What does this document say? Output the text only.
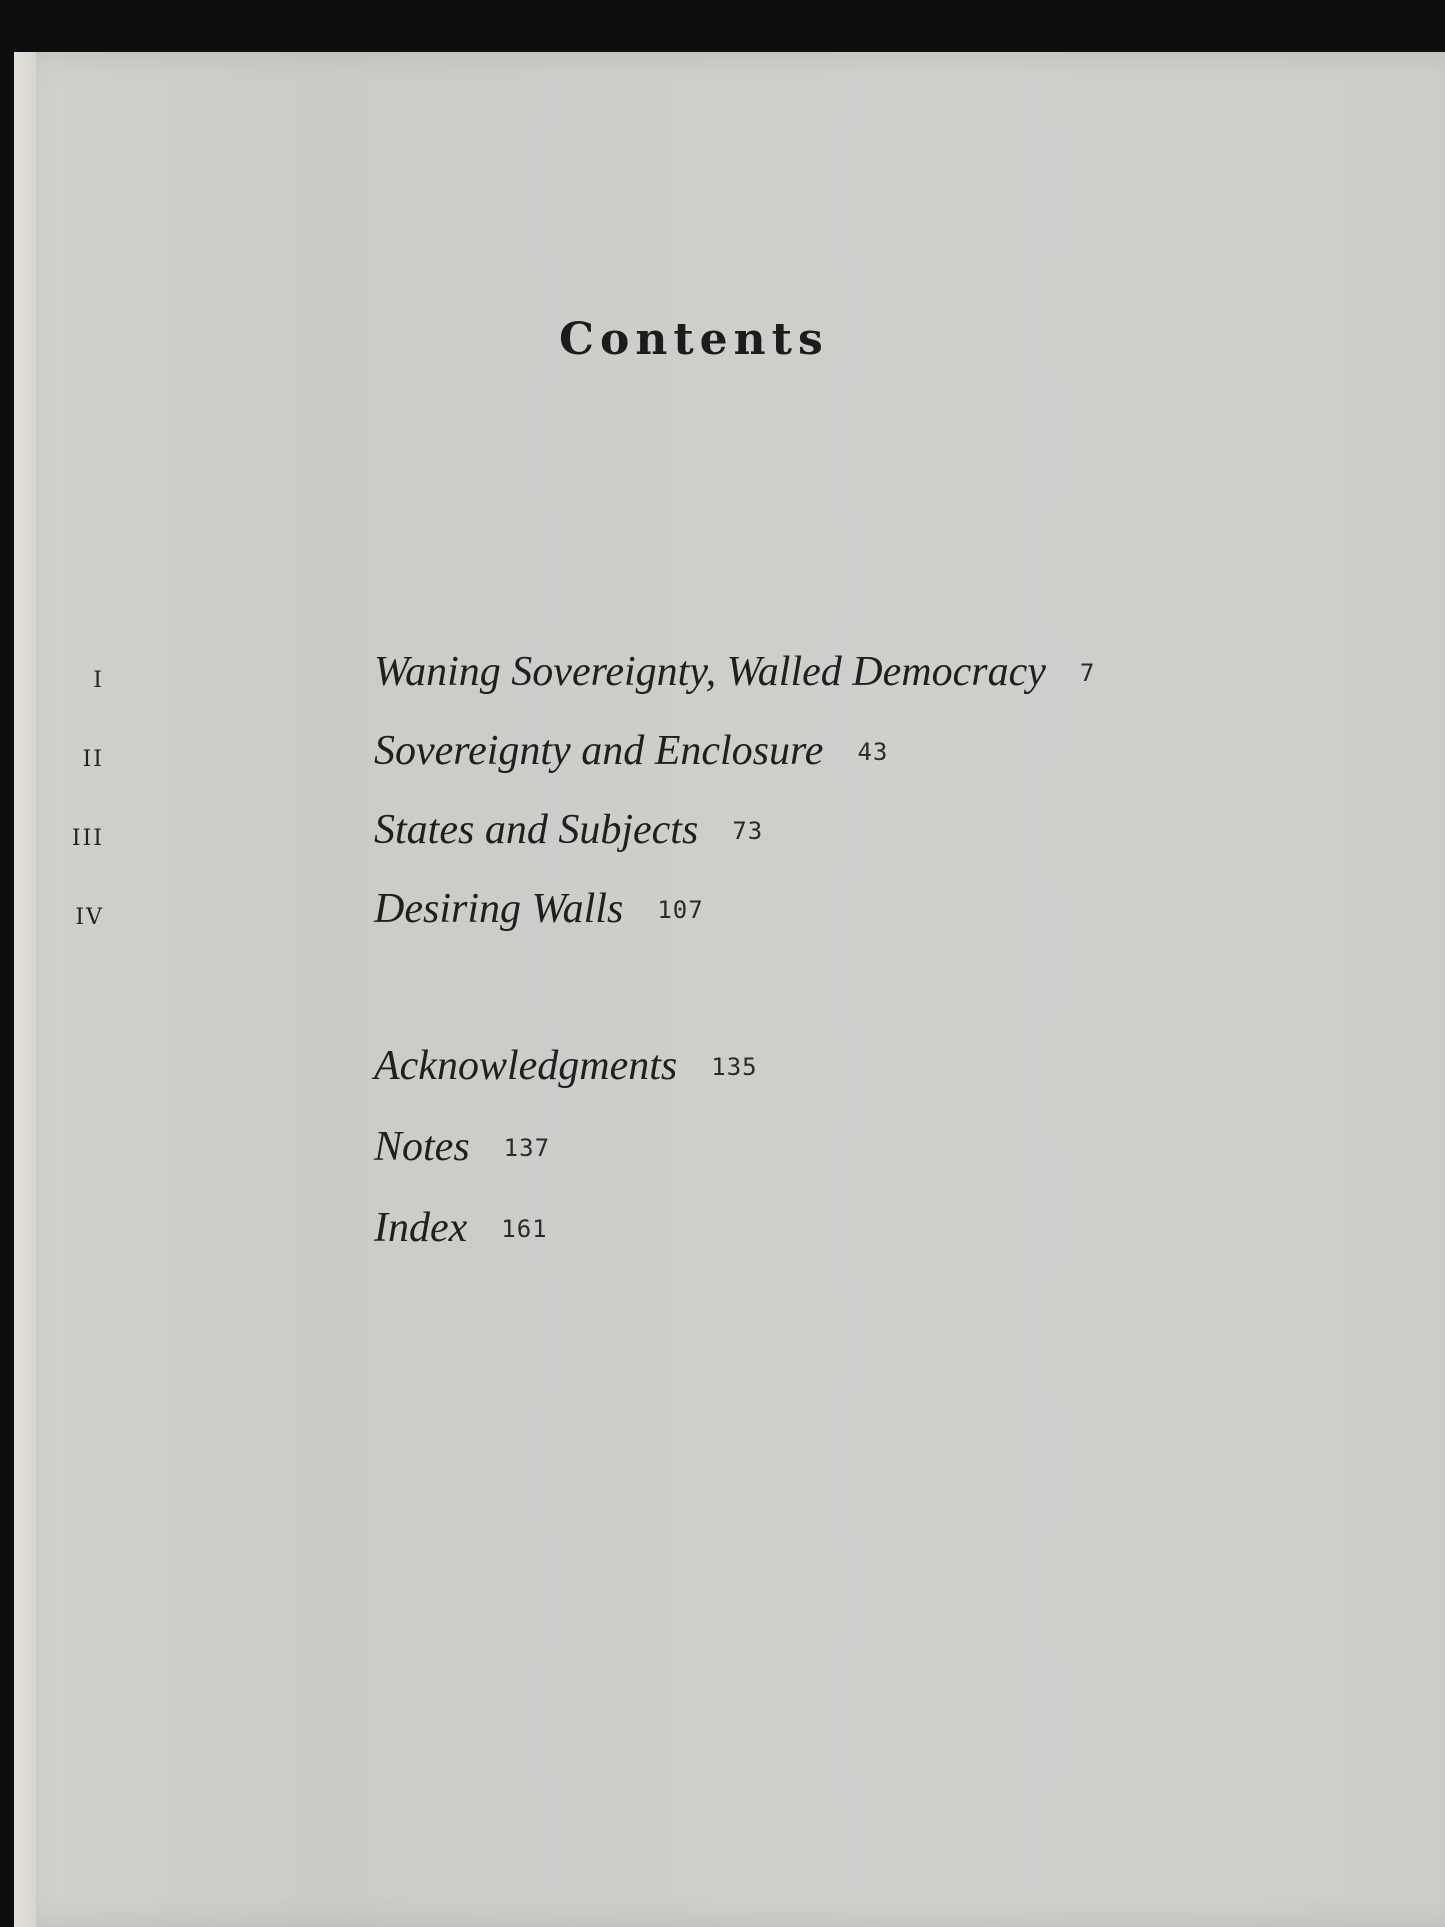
Contents
I	Waning Sovereignty, Walled Democracy 7
II	Sovereignty and Enclosure 43
III	States and Subjects 73
IV	Desiring Walls 107
Acknowledgments 135
Notes 137
Index 161
